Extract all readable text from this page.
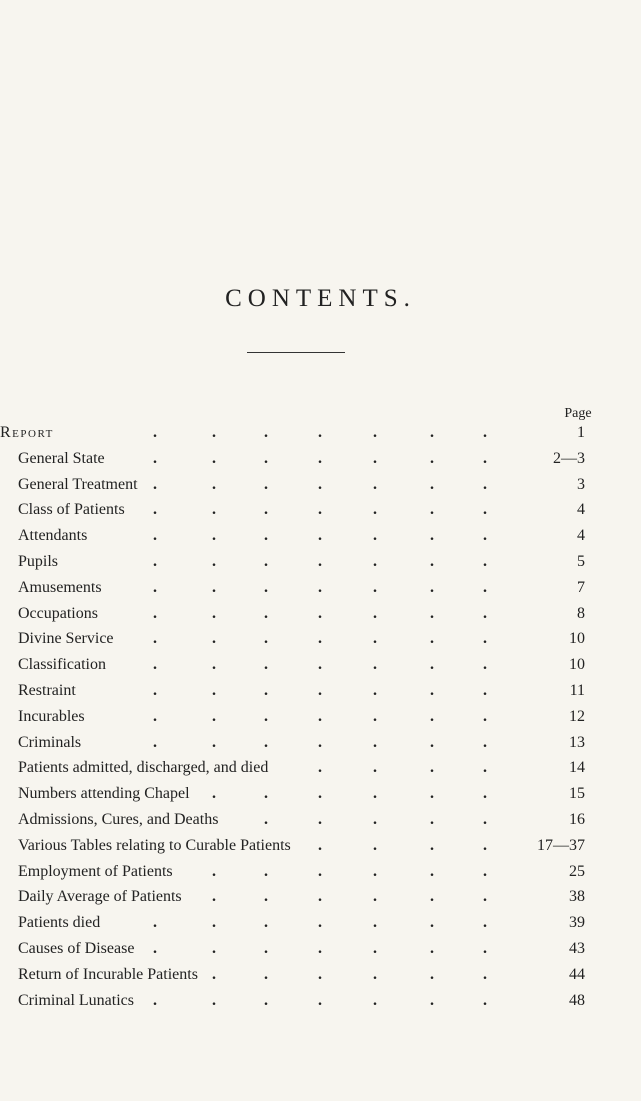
CONTENTS.
Page
Report	1
.	.	.	.	.	.	.
General State	2—3
.	.	.	.	.	.	.
General Treatment	3
.	.	.	.	.	.	.
Class of Patients	4
.	.	.	.	.	.	.
Attendants	4
.	.	.	.	.	.	.
Pupils	5
.	.	.	.	.	.	.
Amusements	7
.	.	.	.	.	.	.
Occupations	8
.	.	.	.	.	.	.
Divine Service	10
.	.	.	.	.	.	.
Classification	10
.	.	.	.	.	.	.
Restraint	11
.	.	.	.	.	.	.
Incurables	12
.	.	.	.	.	.	.
Criminals	13
.	.	.	.	.	.	.
Patients admitted, discharged, and died	14
.	.	.	.
Numbers attending Chapel	15
.	.	.	.	.	.
Admissions, Cures, and Deaths	16
.	.	.	.	.
Various Tables relating to Curable Patients	17—37
.	.	.	.
Employment of Patients	25
.	.	.	.	.	.
Daily Average of Patients	38
.	.	.	.	.	.
Patients died	39
.	.	.	.	.	.	.
Causes of Disease	43
.	.	.	.	.	.	.
Return of Incurable Patients	44
.	.	.	.	.	.
Criminal Lunatics	48
.	.	.	.	.	.	.
